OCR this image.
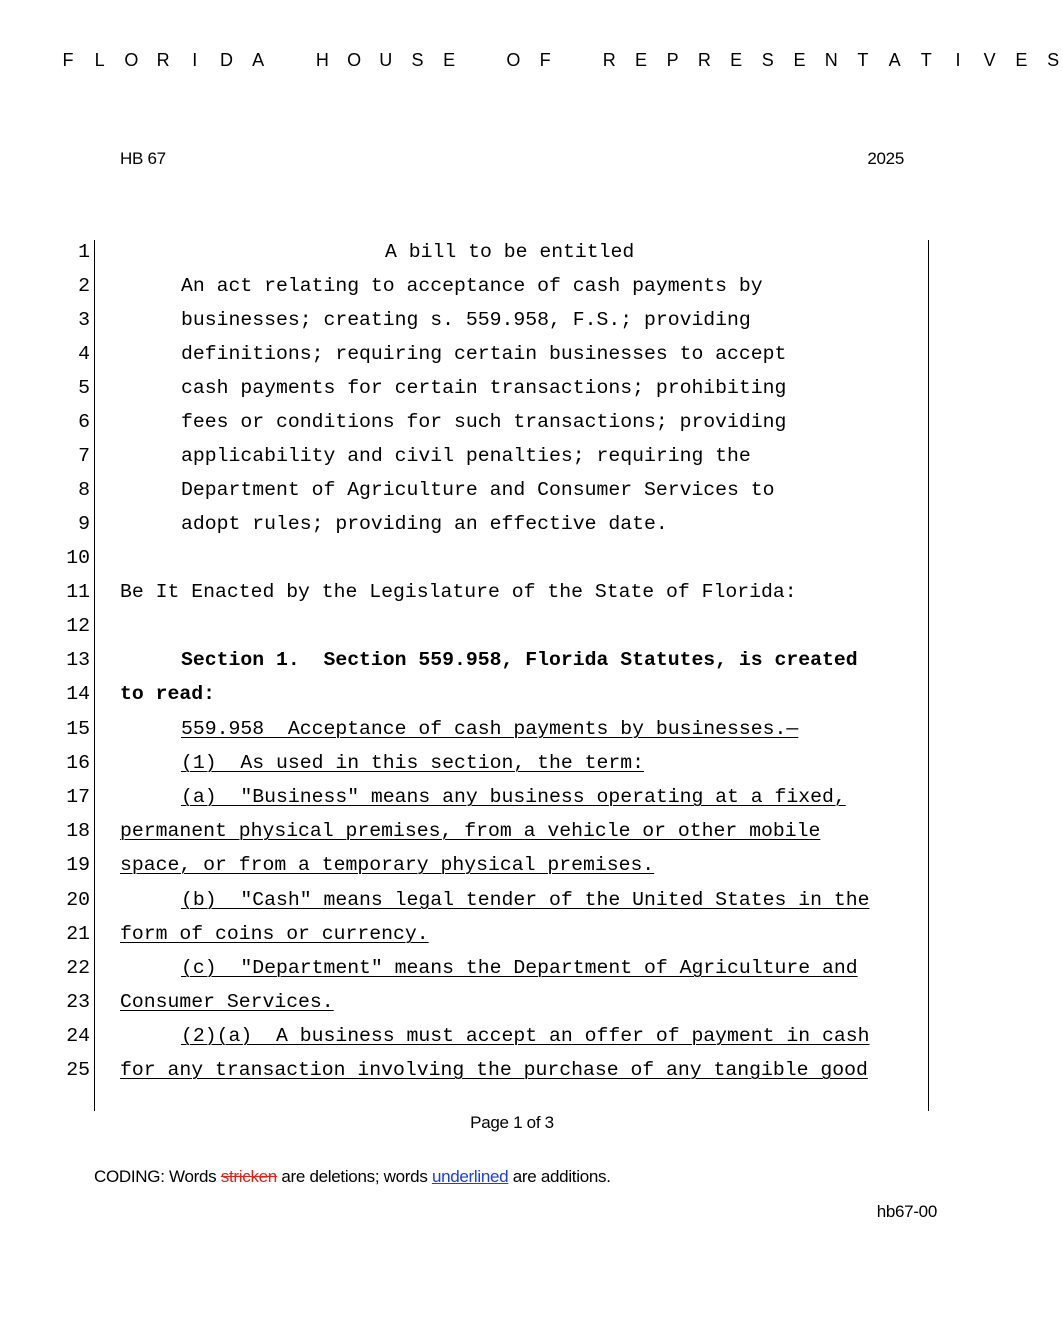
F L O R	I	D A	H O U S E	O F	R E P R E S E N T A T	I	V E S
HB 67	2025
1	A bill to be entitled
2	An act relating to acceptance of cash payments by
3	businesses; creating s. 559.958, F.S.; providing
4	definitions; requiring certain businesses to accept
5	cash payments for certain transactions; prohibiting
6	fees or conditions for such transactions; providing
7	applicability and civil penalties; requiring the
8	Department of Agriculture and Consumer Services to
9	adopt rules; providing an effective date.
10
11 Be It Enacted by the Legislature of the State of Florida:
12
13	Section 1.  Section 559.958, Florida Statutes, is created
14 to read:
15	559.958  Acceptance of cash payments by businesses.—
16	(1)  As used in this section, the term:
17	(a)  "Business" means any business operating at a fixed,
18 permanent physical premises, from a vehicle or other mobile
19 space, or from a temporary physical premises.
20	(b)  "Cash" means legal tender of the United States in the
21 form of coins or currency.
22	(c)  "Department" means the Department of Agriculture and
23 Consumer Services.
24	(2)(a)  A business must accept an offer of payment in cash
25 for any transaction involving the purchase of any tangible good
Page 1 of 3
CODING: Words stricken are deletions; words underlined are additions.
hb67-00
